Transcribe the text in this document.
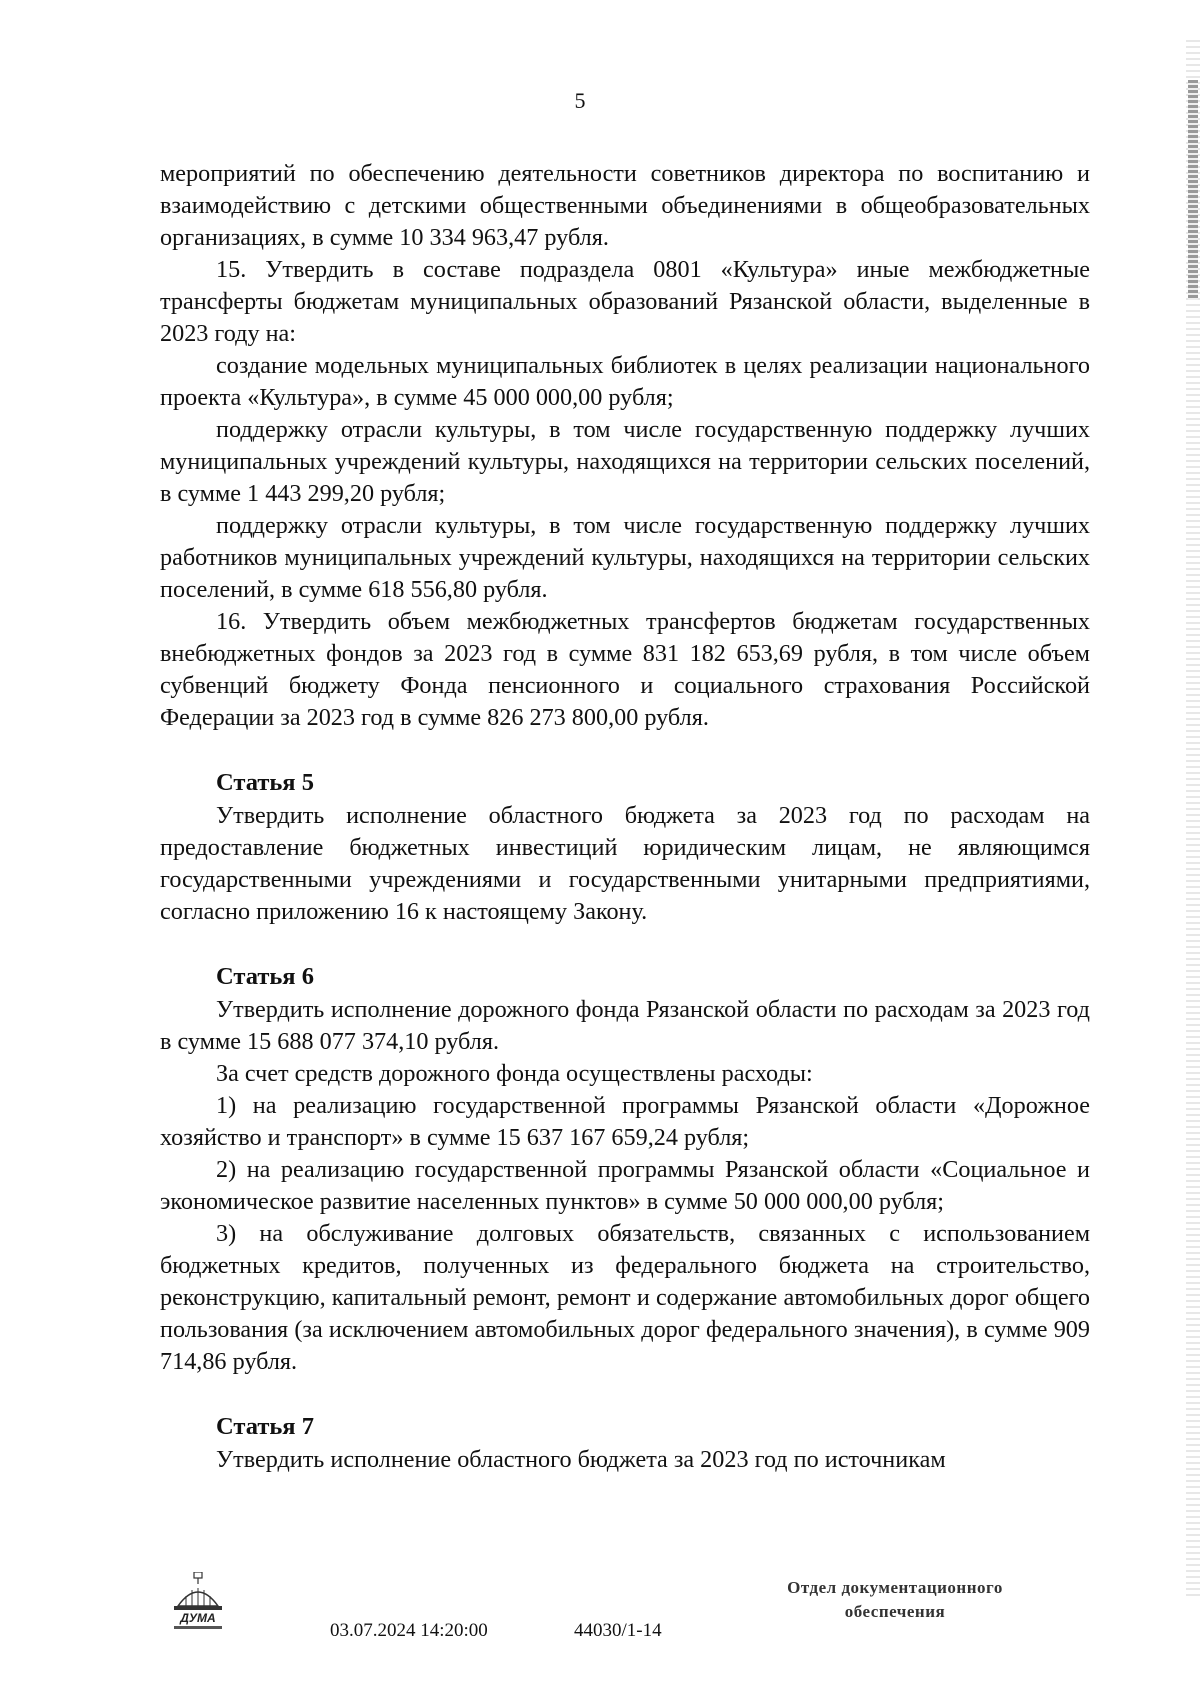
5

мероприятий по обеспечению деятельности советников директора по воспитанию и взаимодействию с детскими общественными объединениями в общеобразовательных организациях, в сумме 10 334 963,47 рубля.

15. Утвердить в составе подраздела 0801 «Культура» иные межбюджетные трансферты бюджетам муниципальных образований Рязанской области, выделенные в 2023 году на:

создание модельных муниципальных библиотек в целях реализации национального проекта «Культура», в сумме 45 000 000,00 рубля;

поддержку отрасли культуры, в том числе государственную поддержку лучших муниципальных учреждений культуры, находящихся на территории сельских поселений, в сумме 1 443 299,20 рубля;

поддержку отрасли культуры, в том числе государственную поддержку лучших работников муниципальных учреждений культуры, находящихся на территории сельских поселений, в сумме 618 556,80 рубля.

16. Утвердить объем межбюджетных трансфертов бюджетам государственных внебюджетных фондов за 2023 год в сумме 831 182 653,69 рубля, в том числе объем субвенций бюджету Фонда пенсионного и социального страхования Российской Федерации за 2023 год в сумме 826 273 800,00 рубля.

Статья 5

Утвердить исполнение областного бюджета за 2023 год по расходам на предоставление бюджетных инвестиций юридическим лицам, не являющимся государственными учреждениями и государственными унитарными предприятиями, согласно приложению 16 к настоящему Закону.

Статья 6

Утвердить исполнение дорожного фонда Рязанской области по расходам за 2023 год в сумме 15 688 077 374,10 рубля.

За счет средств дорожного фонда осуществлены расходы:

1) на реализацию государственной программы Рязанской области «Дорожное хозяйство и транспорт» в сумме 15 637 167 659,24 рубля;

2) на реализацию государственной программы Рязанской области «Социальное и экономическое развитие населенных пунктов» в сумме 50 000 000,00 рубля;

3) на обслуживание долговых обязательств, связанных с использованием бюджетных кредитов, полученных из федерального бюджета на строительство, реконструкцию, капитальный ремонт, ремонт и содержание автомобильных дорог общего пользования (за исключением автомобильных дорог федерального значения), в сумме 909 714,86 рубля.

Статья 7

Утвердить исполнение областного бюджета за 2023 год по источникам

ДУМА
03.07.2024 14:20:00	44030/1-14
Отдел документационного
обеспечения
